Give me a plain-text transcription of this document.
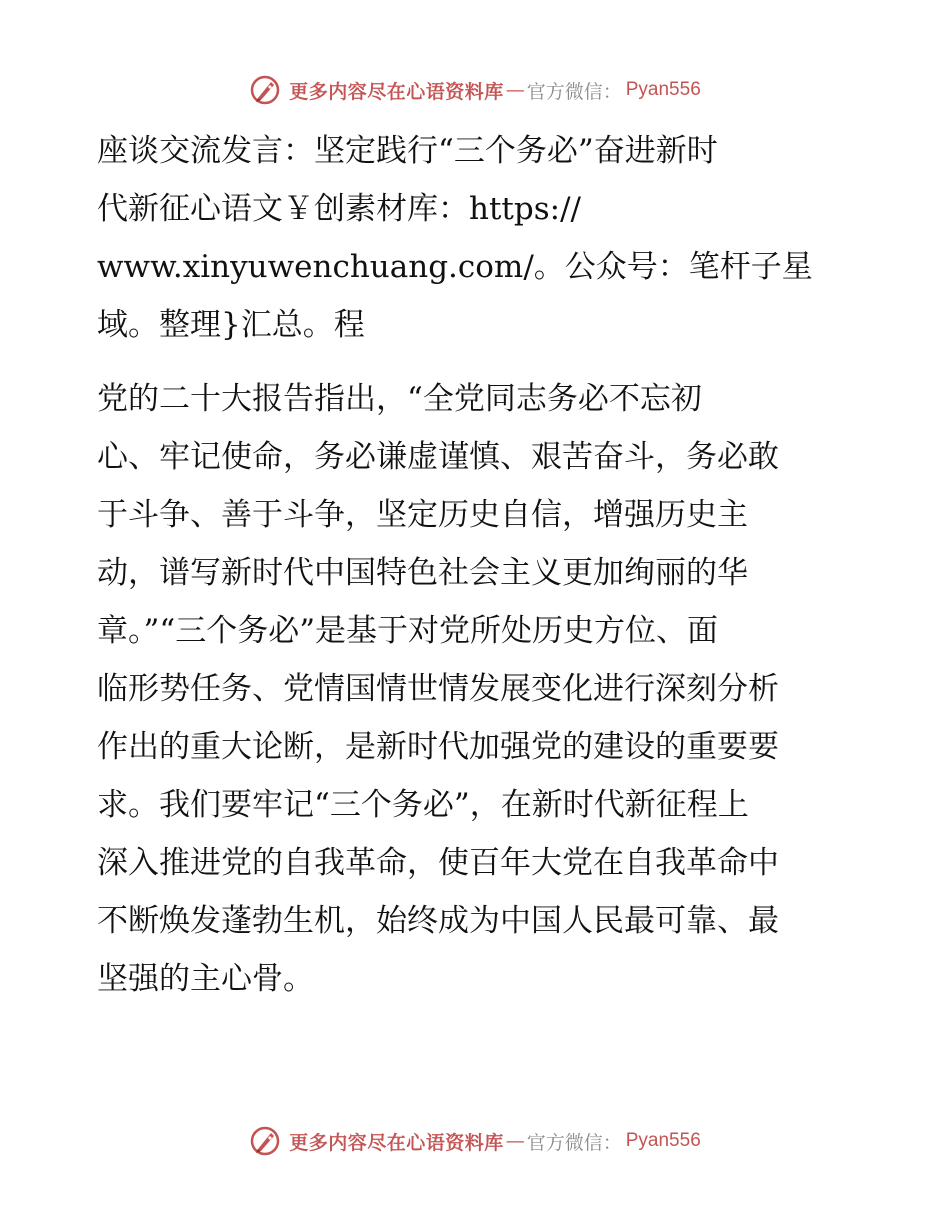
更多内容尽在心语资料库 — 官方微信： Pyan556

座谈交流发言：坚定践行“三个务必”奋进新时
代新征心语文￥创素材库：https://
www.xinyuwenchuang.com/。公众号：笔杆子星
域。整理}汇总。程

党的二十大报告指出，“全党同志务必不忘初
心、牢记使命，务必谦虚谨慎、艰苦奋斗，务必敢
于斗争、善于斗争，坚定历史自信，增强历史主
动，谱写新时代中国特色社会主义更加绚丽的华
章。”“三个务必”是基于对党所处历史方位、面
临形势任务、党情国情世情发展变化进行深刻分析
作出的重大论断，是新时代加强党的建设的重要要
求。我们要牢记“三个务必”，在新时代新征程上
深入推进党的自我革命，使百年大党在自我革命中
不断焕发蓬勃生机，始终成为中国人民最可靠、最
坚强的主心骨。

更多内容尽在心语资料库 — 官方微信： Pyan556
